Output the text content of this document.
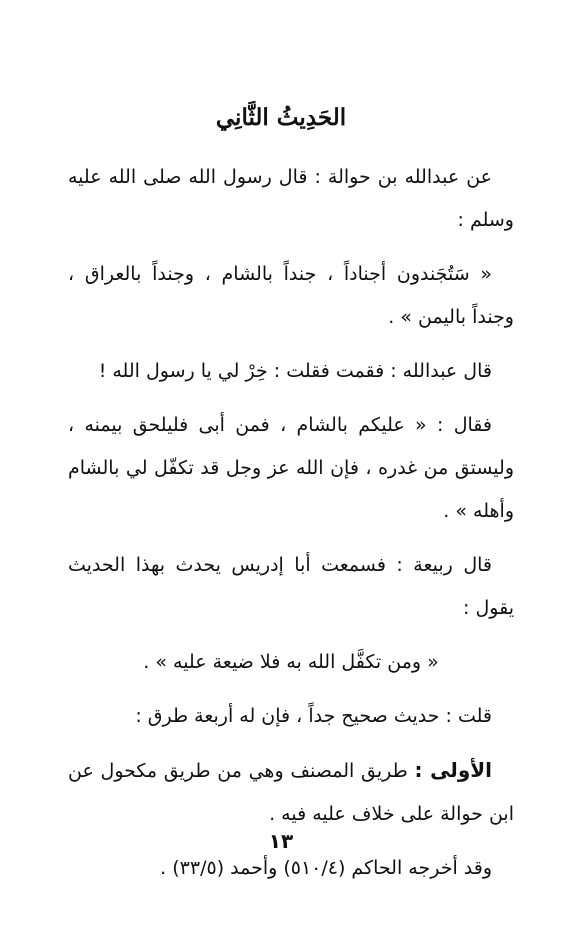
الحَدِيثُ الثَّانِي

عن عبدالله بن حوالة : قال رسول الله صلى الله عليه وسلم :

« سَتُجَندون أجناداً ، جنداً بالشام ، وجنداً بالعراق ، وجنداً باليمن » .

قال عبدالله : فقمت فقلت : خِرْ لي يا رسول الله !

فقال : « عليكم بالشام ، فمن أبى فليلحق بيمنه ، وليستق من غدره ، فإن الله عز وجل قد تكفّل لي بالشام وأهله » .

قال ربيعة : فسمعت أبا إدريس يحدث بهذا الحديث يقول :

« ومن تكفَّل الله به فلا ضيعة عليه » .

قلت : حديث صحيح جداً ، فإن له أربعة طرق :

الأولى : طريق المصنف وهي من طريق مكحول عن ابن حوالة على خلاف عليه فيه .

وقد أخرجه الحاكم (٥١٠/٤) وأحمد (٣٣/٥) .

١٣
